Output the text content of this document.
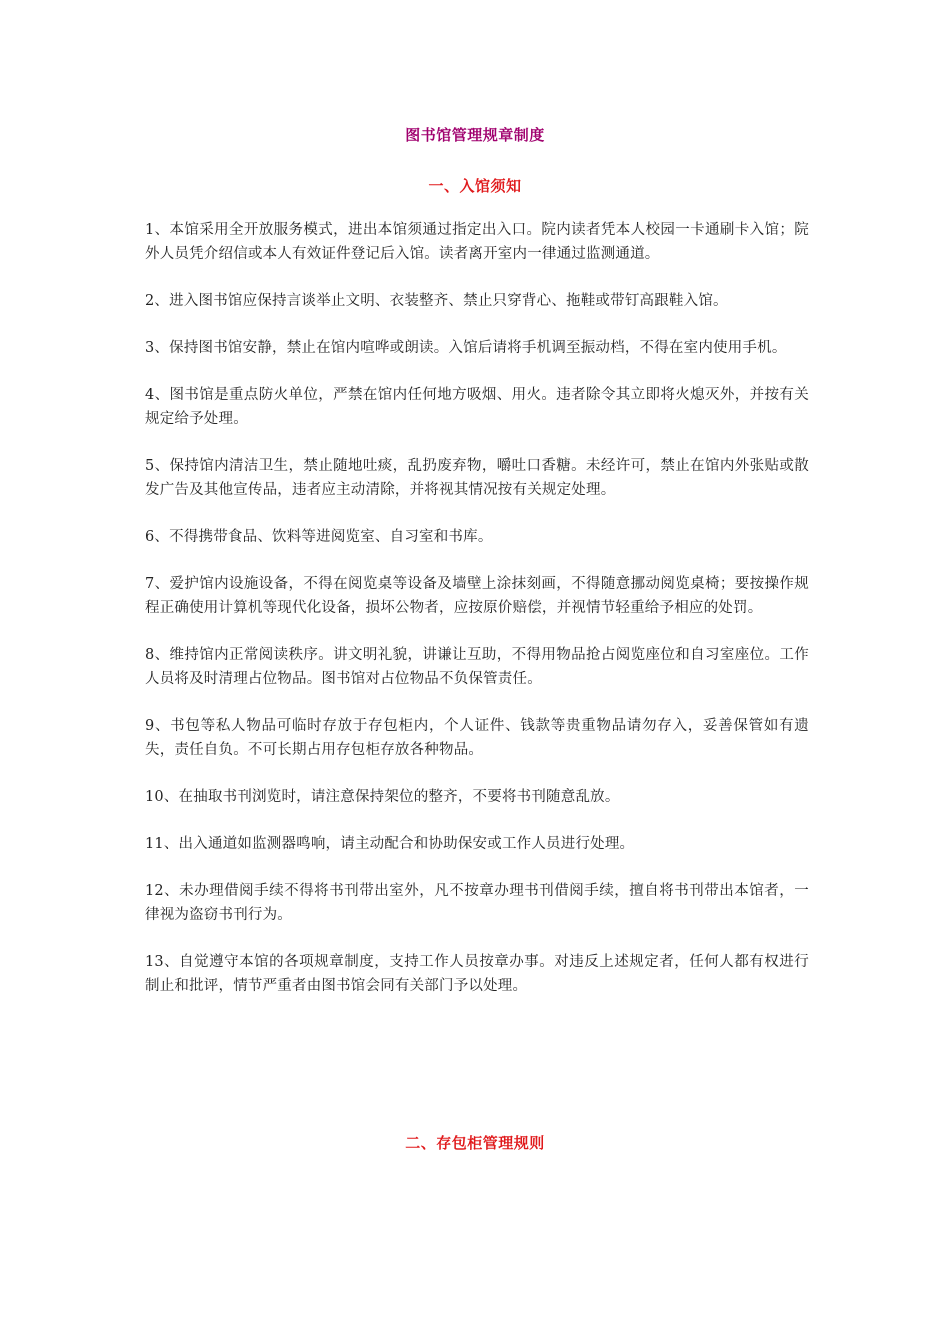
图书馆管理规章制度
一、入馆须知
1、本馆采用全开放服务模式，进出本馆须通过指定出入口。院内读者凭本人校园一卡通刷卡入馆；院外人员凭介绍信或本人有效证件登记后入馆。读者离开室内一律通过监测通道。
2、进入图书馆应保持言谈举止文明、衣装整齐、禁止只穿背心、拖鞋或带钉高跟鞋入馆。
3、保持图书馆安静，禁止在馆内喧哗或朗读。入馆后请将手机调至振动档，不得在室内使用手机。
4、图书馆是重点防火单位，严禁在馆内任何地方吸烟、用火。违者除令其立即将火熄灭外，并按有关规定给予处理。
5、保持馆内清洁卫生，禁止随地吐痰，乱扔废弃物，嚼吐口香糖。未经许可，禁止在馆内外张贴或散发广告及其他宣传品，违者应主动清除，并将视其情况按有关规定处理。
6、不得携带食品、饮料等进阅览室、自习室和书库。
7、爱护馆内设施设备，不得在阅览桌等设备及墙壁上涂抹刻画，不得随意挪动阅览桌椅；要按操作规程正确使用计算机等现代化设备，损坏公物者，应按原价赔偿，并视情节轻重给予相应的处罚。
8、维持馆内正常阅读秩序。讲文明礼貌，讲谦让互助，不得用物品抢占阅览座位和自习室座位。工作人员将及时清理占位物品。图书馆对占位物品不负保管责任。
9、书包等私人物品可临时存放于存包柜内，个人证件、钱款等贵重物品请勿存入，妥善保管如有遗失，责任自负。不可长期占用存包柜存放各种物品。
10、在抽取书刊浏览时，请注意保持架位的整齐，不要将书刊随意乱放。
11、出入通道如监测器鸣响，请主动配合和协助保安或工作人员进行处理。
12、未办理借阅手续不得将书刊带出室外，凡不按章办理书刊借阅手续，擅自将书刊带出本馆者，一律视为盗窃书刊行为。
13、自觉遵守本馆的各项规章制度，支持工作人员按章办事。对违反上述规定者，任何人都有权进行制止和批评，情节严重者由图书馆会同有关部门予以处理。
二、存包柜管理规则
